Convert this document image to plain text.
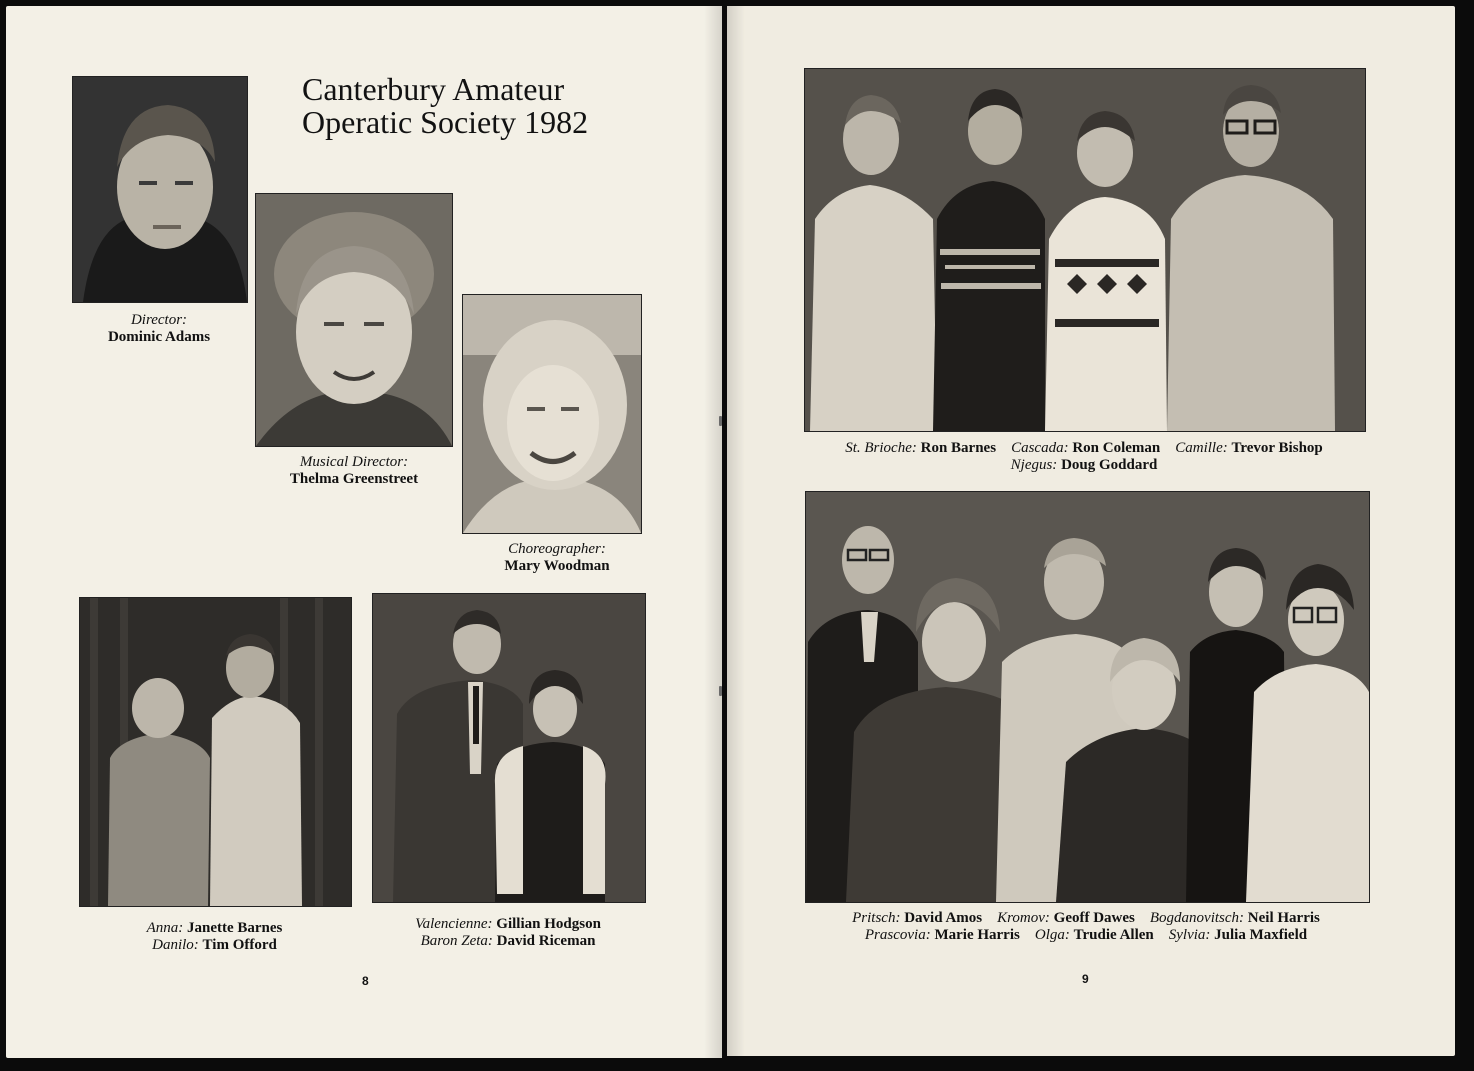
Canterbury Amateur
Operatic Society 1982
Director:
Dominic Adams
Musical Director:
Thelma Greenstreet
Choreographer:
Mary Woodman
Anna: Janette Barnes
Danilo: Tim Offord
Valencienne: Gillian Hodgson
Baron Zeta: David Riceman
8
St. Brioche: Ron Barnes Cascada: Ron Coleman Camille: Trevor Bishop
Njegus: Doug Goddard
Pritsch: David Amos Kromov: Geoff Dawes Bogdanovitsch: Neil Harris
Prascovia: Marie Harris Olga: Trudie Allen Sylvia: Julia Maxfield
9
